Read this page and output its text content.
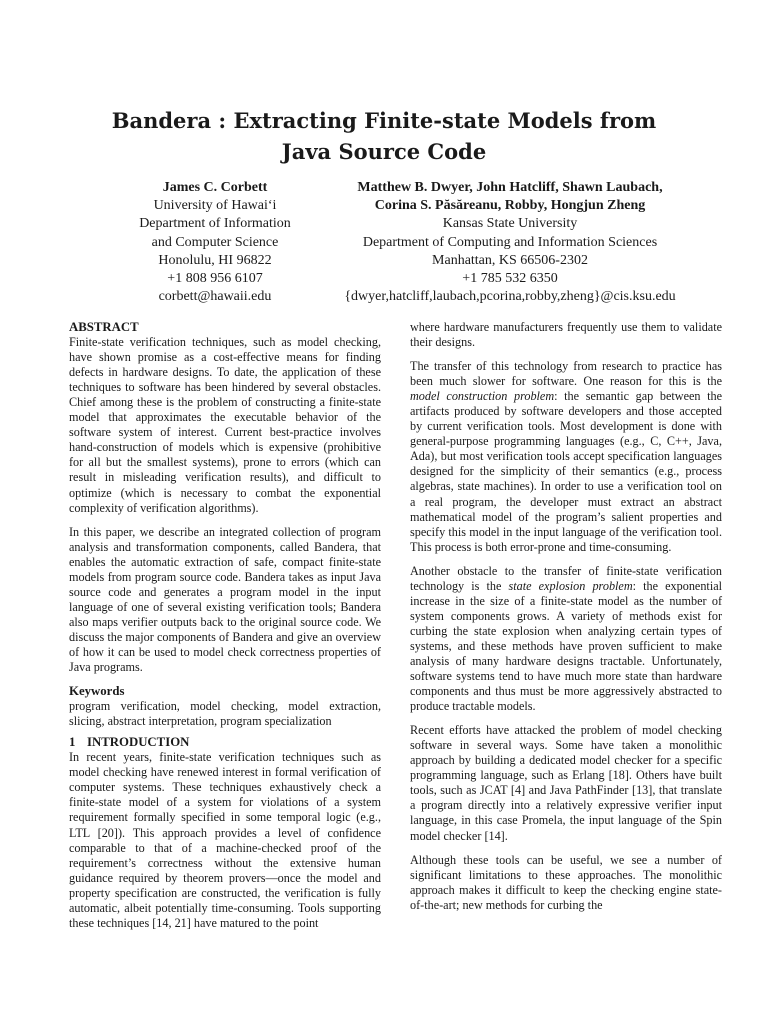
Bandera : Extracting Finite-state Models from
Java Source Code
James C. Corbett
University of Hawai‘i
Department of Information
and Computer Science
Honolulu, HI 96822
+1 808 956 6107
corbett@hawaii.edu
Matthew B. Dwyer, John Hatcliff, Shawn Laubach,
Corina S. Păsăreanu, Robby, Hongjun Zheng
Kansas State University
Department of Computing and Information Sciences
Manhattan, KS 66506-2302
+1 785 532 6350
{dwyer,hatcliff,laubach,pcorina,robby,zheng}@cis.ksu.edu
ABSTRACT

Finite-state verification techniques, such as model checking, have shown promise as a cost-effective means for finding defects in hardware designs. To date, the application of these techniques to software has been hindered by several obstacles. Chief among these is the problem of constructing a finite-state model that approximates the executable behavior of the software system of interest. Current best-practice involves hand-construction of models which is expensive (prohibitive for all but the smallest systems), prone to errors (which can result in misleading verification results), and difficult to optimize (which is necessary to combat the exponential complexity of verification algorithms).

In this paper, we describe an integrated collection of program analysis and transformation components, called Bandera, that enables the automatic extraction of safe, compact finite-state models from program source code. Bandera takes as input Java source code and generates a program model in the input language of one of several existing verification tools; Bandera also maps verifier outputs back to the original source code. We discuss the major components of Bandera and give an overview of how it can be used to model check correctness properties of Java programs.

Keywords
program verification, model checking, model extraction, slicing, abstract interpretation, program specialization
1 INTRODUCTION

In recent years, finite-state verification techniques such as model checking have renewed interest in formal verification of computer systems. These techniques exhaustively check a finite-state model of a system for violations of a system requirement formally specified in some temporal logic (e.g., LTL [20]). This approach provides a level of confidence comparable to that of a machine-checked proof of the requirement’s correctness without the extensive human guidance required by theorem provers—once the model and property specification are constructed, the verification is fully automatic, albeit potentially time-consuming. Tools supporting these techniques [14, 21] have matured to the point

where hardware manufacturers frequently use them to validate their designs.

The transfer of this technology from research to practice has been much slower for software. One reason for this is the model construction problem: the semantic gap between the artifacts produced by software developers and those accepted by current verification tools. Most development is done with general-purpose programming languages (e.g., C, C++, Java, Ada), but most verification tools accept specification languages designed for the simplicity of their semantics (e.g., process algebras, state machines). In order to use a verification tool on a real program, the developer must extract an abstract mathematical model of the program’s salient properties and specify this model in the input language of the verification tool. This process is both error-prone and time-consuming.

Another obstacle to the transfer of finite-state verification technology is the state explosion problem: the exponential increase in the size of a finite-state model as the number of system components grows. A variety of methods exist for curbing the state explosion when analyzing certain types of systems, and these methods have proven sufficient to make analysis of many hardware designs tractable. Unfortunately, software systems tend to have much more state than hardware components and thus must be more aggressively abstracted to produce tractable models.

Recent efforts have attacked the problem of model checking software in several ways. Some have taken a monolithic approach by building a dedicated model checker for a specific programming language, such as Erlang [18]. Others have built tools, such as JCAT [4] and Java PathFinder [13], that translate a program directly into a relatively expressive verifier input language, in this case Promela, the input language of the Spin model checker [14].

Although these tools can be useful, we see a number of significant limitations to these approaches. The monolithic approach makes it difficult to keep the checking engine state-of-the-art; new methods for curbing the
